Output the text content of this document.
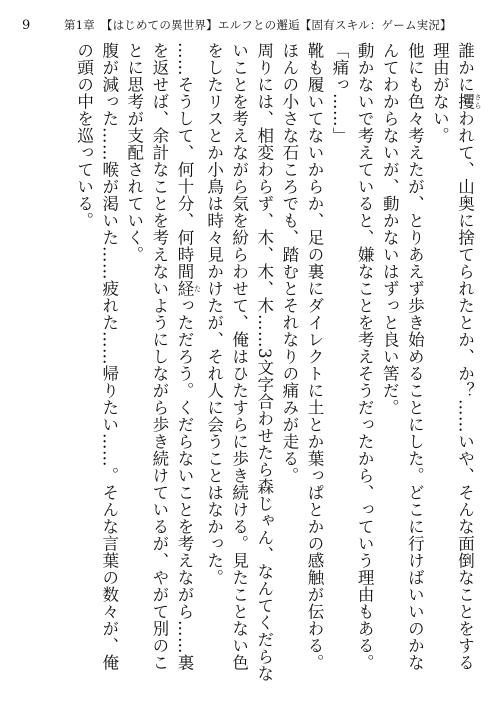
9	第1章　【はじめての異世界】エルフとの邂逅【固有スキル：ゲーム実況】

誰かに攫 さらわれて、山奥に捨てられたとか、か？……いや、そんな面倒なことをする理由がない。

他にも色々考えたが、とりあえず歩き始めることにした。どこに行けばいいのかなんてわからないが、動かないはずっと良い筈だ。

動かないで考えていると、嫌なことを考えそうだったから、っていう理由もある。

「痛っ……」

靴も履いてないからか、足の裏にダイレクトに土とか葉っぱとかの感触が伝わる。ほんの小さな石ころでも、踏むとそれなりの痛みが走る。

周りには、相変わらず、木、木、木……3文字合わせたら森じゃん、なんてくだらないことを考えながら気を紛らわせて、俺はひたすらに歩き続ける。見たことない色をしたリスとか小鳥は時々見かけたが、それ人に会うことはなかった。

……そうして、何十分、何時間経 たっただろう。くだらないことを考えながら……裏を返せば、余計なことを考えないようにしながら歩き続けているが、やがて別のことに思考が支配されていく。

腹が減った……喉が渇いた……疲れた……帰りたい……。そんな言葉の数々が、俺の頭の中を巡っている。
